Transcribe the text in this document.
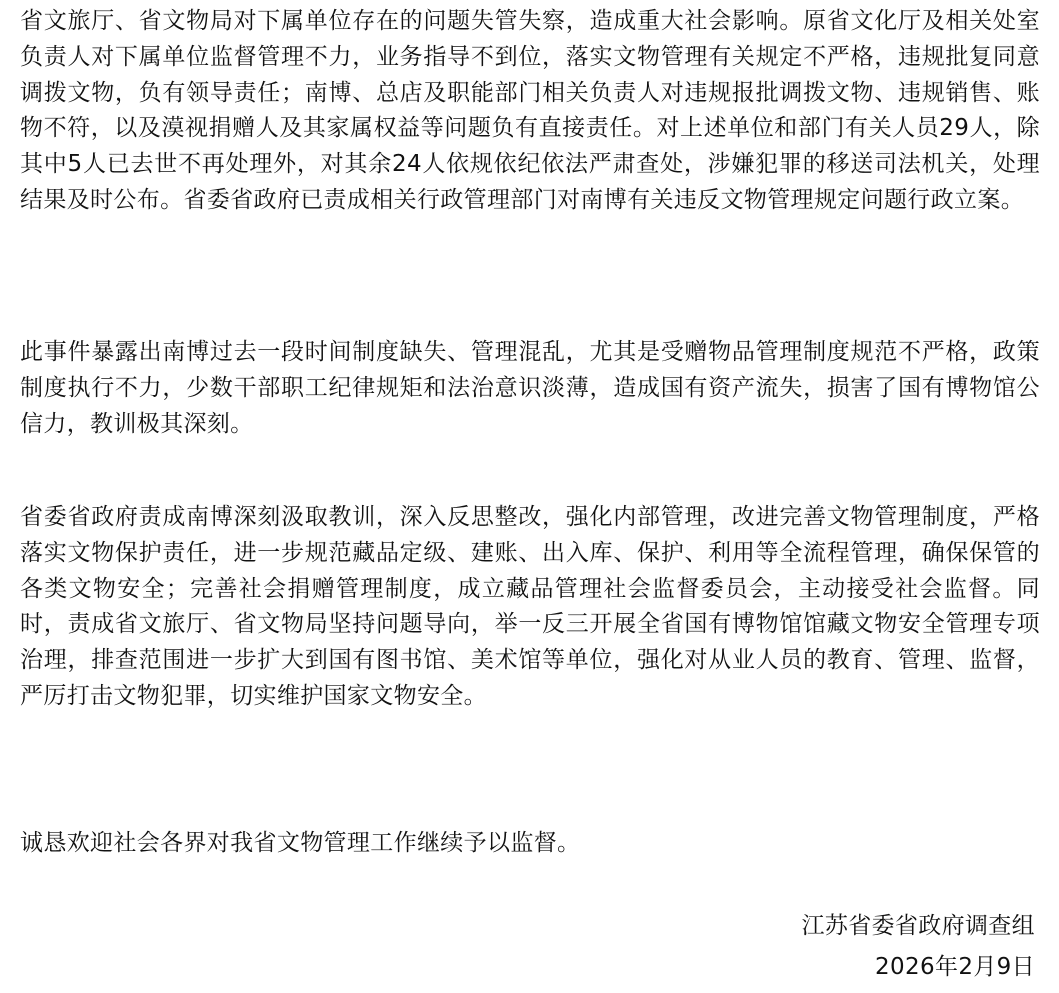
省文旅厅、省文物局对下属单位存在的问题失管失察，造成重大社会影响。原省文化厅及相关处室负责人对下属单位监督管理不力，业务指导不到位，落实文物管理有关规定不严格，违规批复同意调拨文物，负有领导责任；南博、总店及职能部门相关负责人对违规报批调拨文物、违规销售、账物不符，以及漠视捐赠人及其家属权益等问题负有直接责任。对上述单位和部门有关人员29人，除其中5人已去世不再处理外，对其余24人依规依纪依法严肃查处，涉嫌犯罪的移送司法机关，处理结果及时公布。省委省政府已责成相关行政管理部门对南博有关违反文物管理规定问题行政立案。

此事件暴露出南博过去一段时间制度缺失、管理混乱，尤其是受赠物品管理制度规范不严格，政策制度执行不力，少数干部职工纪律规矩和法治意识淡薄，造成国有资产流失，损害了国有博物馆公信力，教训极其深刻。

省委省政府责成南博深刻汲取教训，深入反思整改，强化内部管理，改进完善文物管理制度，严格落实文物保护责任，进一步规范藏品定级、建账、出入库、保护、利用等全流程管理，确保保管的各类文物安全；完善社会捐赠管理制度，成立藏品管理社会监督委员会，主动接受社会监督。同时，责成省文旅厅、省文物局坚持问题导向，举一反三开展全省国有博物馆馆藏文物安全管理专项治理，排查范围进一步扩大到国有图书馆、美术馆等单位，强化对从业人员的教育、管理、监督，严厉打击文物犯罪，切实维护国家文物安全。

诚恳欢迎社会各界对我省文物管理工作继续予以监督。

江苏省委省政府调查组
2026年2月9日
